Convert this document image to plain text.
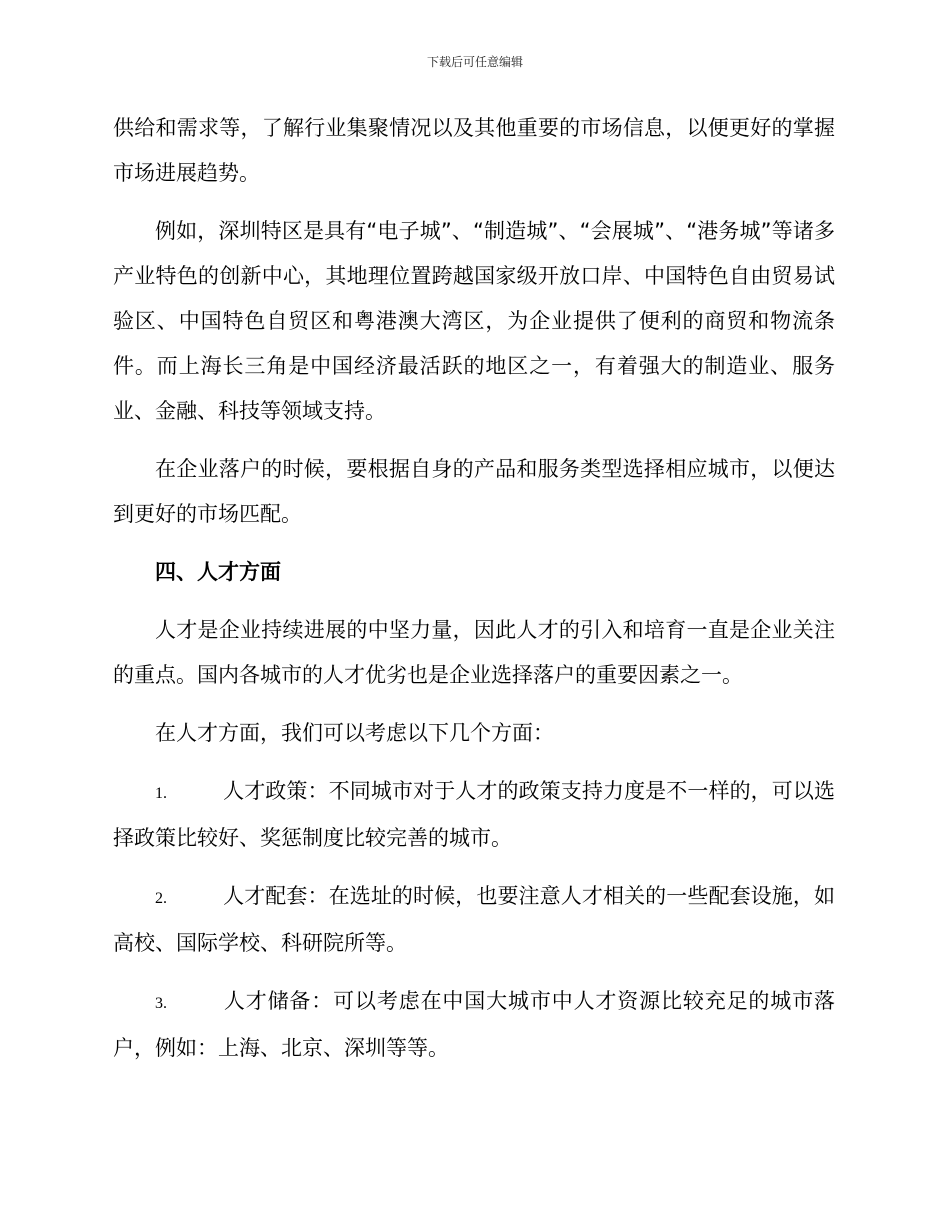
下载后可任意编辑

供给和需求等，了解行业集聚情况以及其他重要的市场信息，以便更好的掌握市场进展趋势。

例如，深圳特区是具有“电子城”、“制造城”、“会展城”、“港务城”等诸多产业特色的创新中心，其地理位置跨越国家级开放口岸、中国特色自由贸易试验区、中国特色自贸区和粤港澳大湾区，为企业提供了便利的商贸和物流条件。而上海长三角是中国经济最活跃的地区之一，有着强大的制造业、服务业、金融、科技等领域支持。

在企业落户的时候，要根据自身的产品和服务类型选择相应城市，以便达到更好的市场匹配。

四、人才方面

人才是企业持续进展的中坚力量，因此人才的引入和培育一直是企业关注的重点。国内各城市的人才优劣也是企业选择落户的重要因素之一。

在人才方面，我们可以考虑以下几个方面：

1.	人才政策：不同城市对于人才的政策支持力度是不一样的，可以选择政策比较好、奖惩制度比较完善的城市。

2.	人才配套：在选址的时候，也要注意人才相关的一些配套设施，如高校、国际学校、科研院所等。

3.	人才储备：可以考虑在中国大城市中人才资源比较充足的城市落户，例如：上海、北京、深圳等等。
